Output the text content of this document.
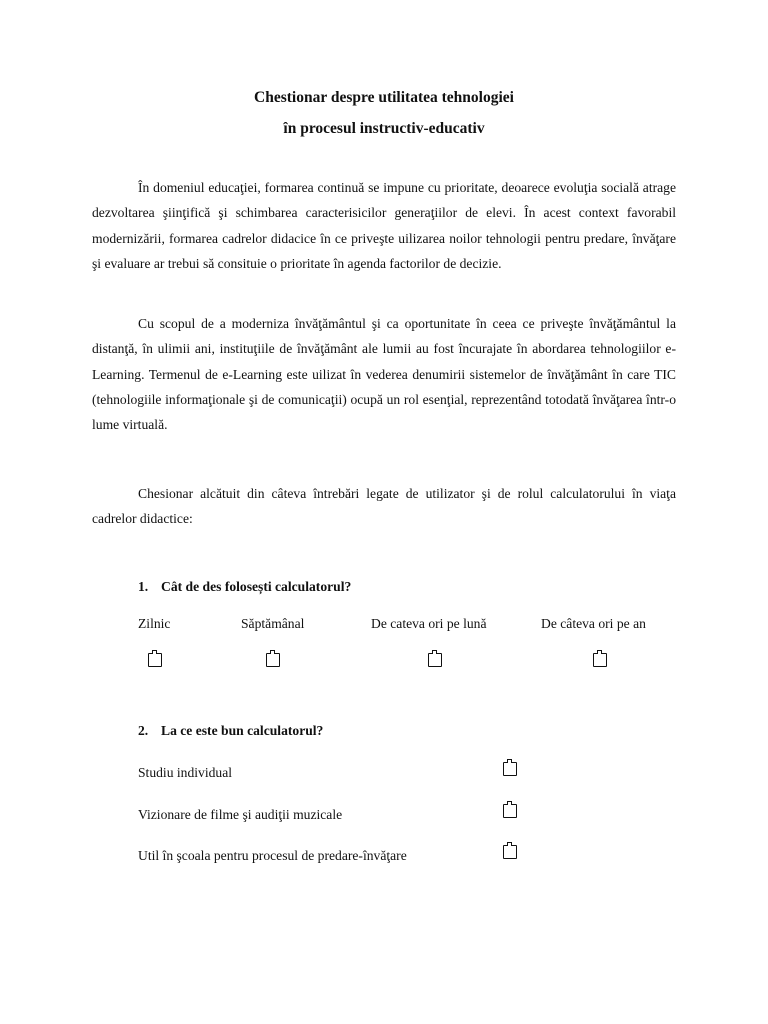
Chestionar despre utilitatea tehnologiei
în procesul instructiv-educativ

În domeniul educaţiei, formarea continuă se impune cu prioritate, deoarece evoluţia socială atrage dezvoltarea şiinţifică şi schimbarea caracterisicilor generaţiilor de elevi. În acest context favorabil modernizării, formarea cadrelor didacice în ce priveşte uilizarea noilor tehnologii pentru predare, învăţare şi evaluare ar trebui să consituie o prioritate în agenda factorilor de decizie.

Cu scopul de a moderniza învăţământul şi ca oportunitate în ceea ce priveşte învăţământul la distanţă, în ulimii ani, instituţiile de învăţământ ale lumii au fost încurajate în abordarea tehnologiilor e-Learning. Termenul de e-Learning este uilizat în vederea denumirii sistemelor de învăţământ în care TIC (tehnologiile informaţionale şi de comunicaţii) ocupă un rol esenţial, reprezentând totodată învăţarea într-o lume virtuală.

Chesionar alcătuit din câteva întrebări legate de utilizator şi de rolul calculatorului în viaţa cadrelor didactice:

1. Cât de des folosești calculatorul?
Zilnic	Săptămânal	De cateva ori pe lună	De câteva ori pe an
2. La ce este bun calculatorul?
Studiu individual
Vizionare de filme şi audiţii muzicale
Util în şcoala pentru procesul de predare-învăţare
